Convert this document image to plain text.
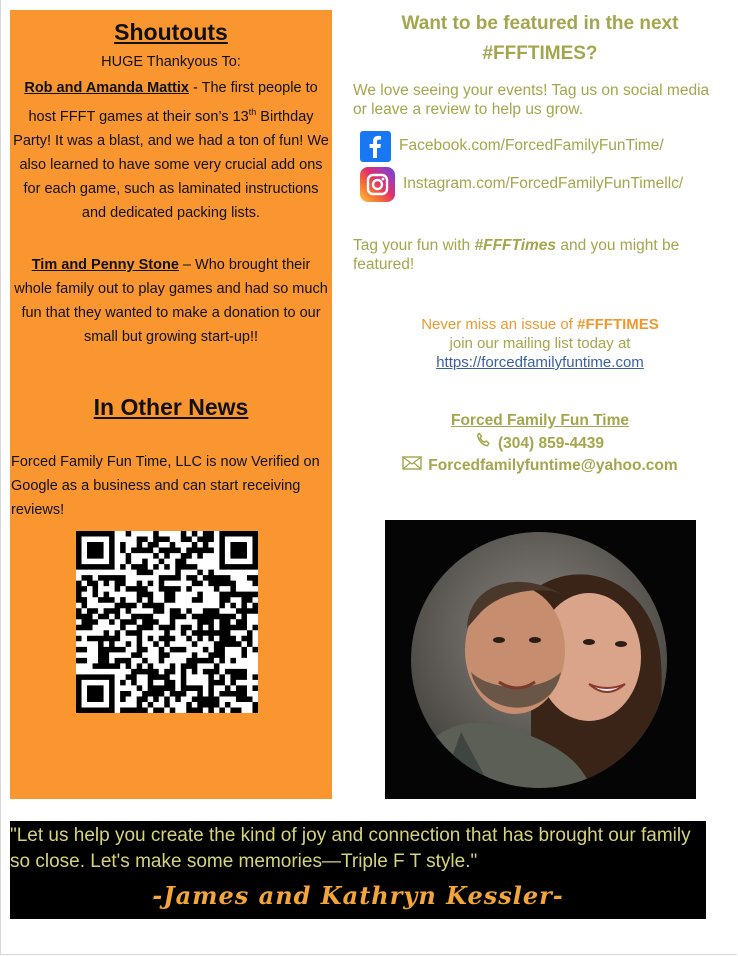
Shoutouts
HUGE Thankyous To:
Rob and Amanda Mattix - The first people to host FFFT games at their son’s 13th Birthday Party! It was a blast, and we had a ton of fun! We also learned to have some very crucial add ons for each game, such as laminated instructions and dedicated packing lists.
Tim and Penny Stone – Who brought their whole family out to play games and had so much fun that they wanted to make a donation to our small but growing start-up!!
In Other News
Forced Family Fun Time, LLC is now Verified on Google as a business and can start receiving reviews!
Want to be featured in the next
#FFFTIMES?
We love seeing your events! Tag us on social media or leave a review to help us grow.
Facebook.com/ForcedFamilyFunTime/
Instagram.com/ForcedFamilyFunTimellc/
Tag your fun with #FFFTimes and you might be featured!
Never miss an issue of #FFFTIMES
join our mailing list today at
https://forcedfamilyfuntime.com
Forced Family Fun Time
(304) 859-4439
Forcedfamilyfuntime@yahoo.com
"Let us help you create the kind of joy and connection that has brought our family so close. Let's make some memories—Triple F T style."
-James and Kathryn Kessler-
